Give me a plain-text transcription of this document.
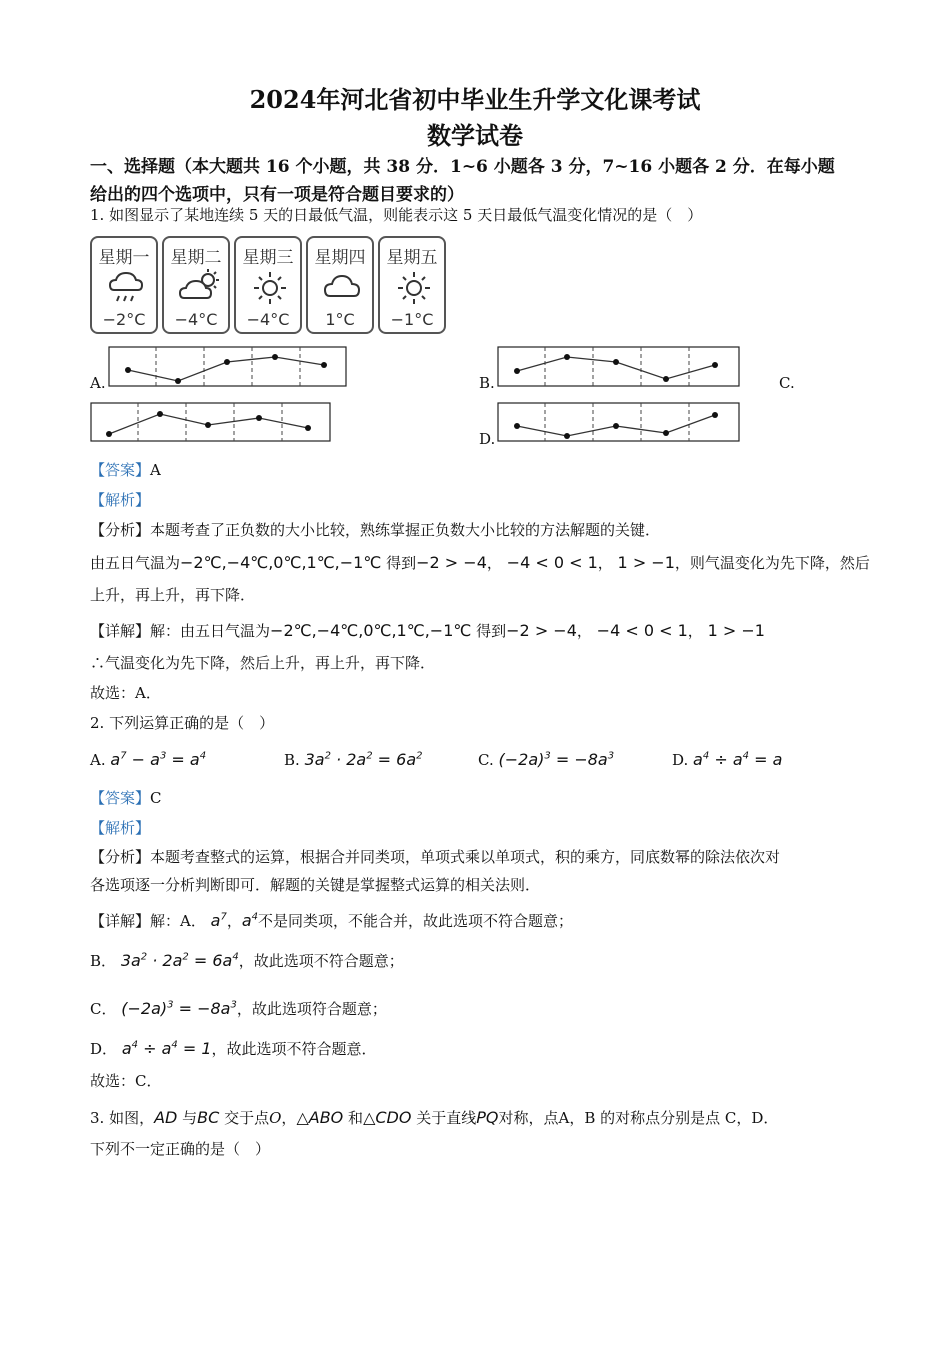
2024年河北省初中毕业生升学文化课考试
数学试卷
一、选择题（本大题共 16 个小题，共 38 分．1~6 小题各 3 分，7~16 小题各 2 分．在每小题
给出的四个选项中，只有一项是符合题目要求的）
1. 如图显示了某地连续 5 天的日最低气温，则能表示这 5 天日最低气温变化情况的是（　）
星期一
−2°C
星期二
−4°C
星期三
−4°C
星期四
1°C
星期五
−1°C
A.	B.	C.
D.
【答案】A
【解析】
【分析】本题考查了正负数的大小比较，熟练掌握正负数大小比较的方法解题的关键．
由五日气温为−2℃,−4℃,0℃,1℃,−1℃ 得到−2 > −4， −4 < 0 < 1， 1 > −1，则气温变化为先下降，然后
上升，再上升，再下降．
【详解】解：由五日气温为−2℃,−4℃,0℃,1℃,−1℃ 得到−2 > −4， −4 < 0 < 1， 1 > −1
∴气温变化为先下降，然后上升，再上升，再下降．
故选：A．
2. 下列运算正确的是（　）
A. $a^7 - a^3 = a^4$	B. $3a^2 \cdot 2a^2 = 6a^2$	C. $(-2a)^3 = -8a^3$	D. $a^4 \div a^4 = a$
【答案】C
【解析】
【分析】本题考查整式的运算，根据合并同类项，单项式乘以单项式，积的乘方，同底数幂的除法依次对
各选项逐一分析判断即可．解题的关键是掌握整式运算的相关法则．
【详解】解：A． $a^7$，$a^4$不是同类项，不能合并，故此选项不符合题意；
B． $3a^2 \cdot 2a^2 = 6a^4$，故此选项不符合题意；
C． $(-2a)^3 = -8a^3$，故此选项符合题意；
D． $a^4 \div a^4 = 1$，故此选项不符合题意．
故选：C．
3. 如图，AD 与BC 交于点O，△ABO 和△CDO 关于直线PQ对称，点A，B 的对称点分别是点 C，D．
下列不一定正确的是（　）
